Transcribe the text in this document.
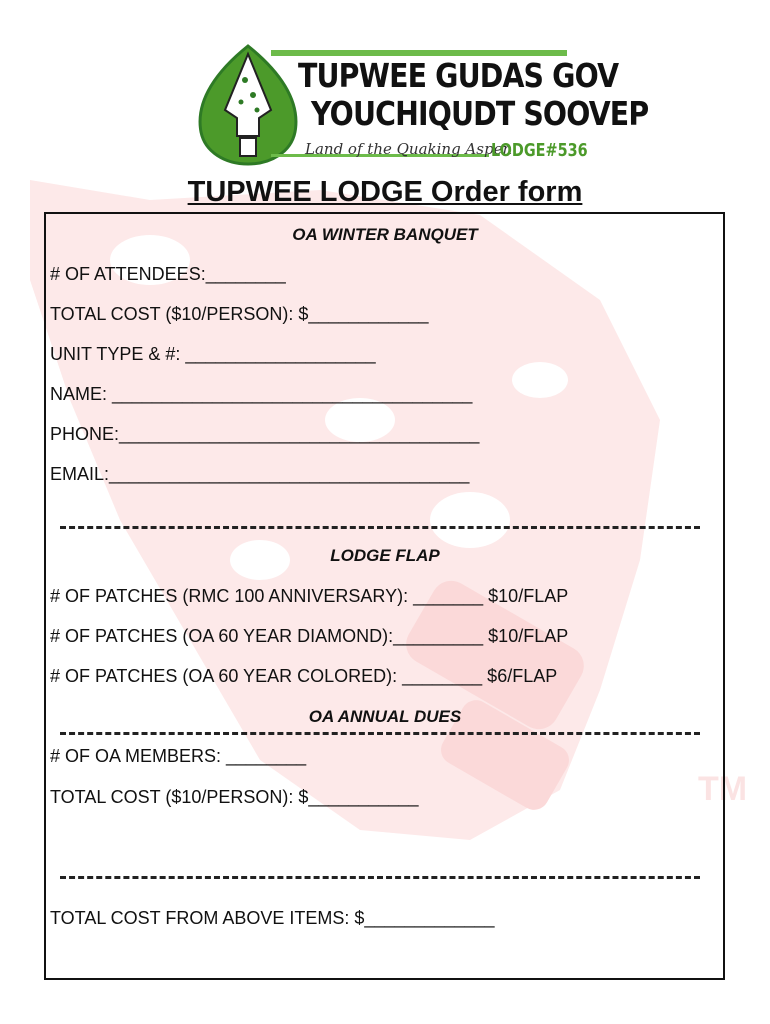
TM
TUPWEE GUDAS GOV
YOUCHIQUDT SOOVEP
Land of the Quaking Aspen
LODGE#536
TUPWEE LODGE Order form
OA WINTER BANQUET
# OF ATTENDEES:________
TOTAL COST ($10/PERSON): $____________
UNIT TYPE & #: ___________________
NAME: ____________________________________
PHONE:____________________________________
EMAIL:____________________________________
LODGE FLAP
# OF PATCHES (RMC 100 ANNIVERSARY): _______ $10/FLAP
# OF PATCHES (OA 60 YEAR DIAMOND):_________ $10/FLAP
# OF PATCHES (OA 60 YEAR COLORED): ________ $6/FLAP
OA ANNUAL DUES
# OF OA MEMBERS: ________
TOTAL COST ($10/PERSON): $___________
TOTAL COST FROM ABOVE ITEMS: $_____________
